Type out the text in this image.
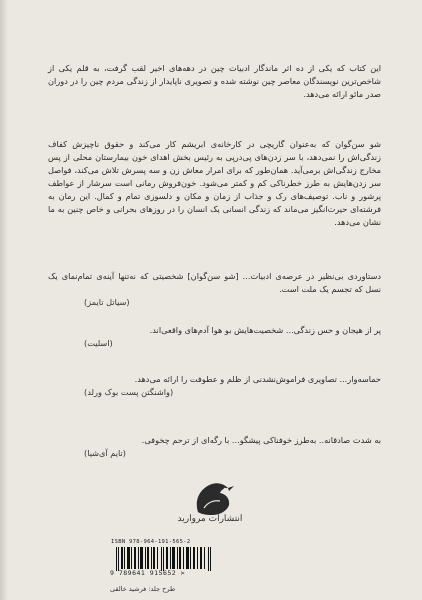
این کتاب که یکی از ده اثر ماندگار ادبیات چین در دهه‌های اخیر لقب گرفت، به قلم یکی از شاخص‌ترین نویسندگان معاصر چین نوشته شده و تصویری ناپایدار از زندگی مردم چین را در دوران صدر مائو ارائه می‌دهد.
شو سن‌گوان که به‌عنوان گاریچی در کارخانه‌ی ابریشم کار می‌کند و حقوق ناچیزش کفاف زندگی‌اش را نمی‌دهد، با سر زدن‌های پی‌درپی به رئیس بخش اهدای خون بیمارستان محلی از پس مخارج زندگی‌اش برمی‌آید. همان‌طور که برای امرار معاش زن و سه پسرش تلاش می‌کند، فواصل سر زدن‌هایش به طرز خطرناکی کم و کمتر می‌شود. خون‌فروش رمانی است سرشار از عواطف پرشور و ناب. توصیف‌های رک و جذاب از زمان و مکان و دلسوزی تمام و کمال. این رمان به فرشته‌ای حیرت‌انگیز می‌ماند که زندگی انسانی یک انسان را در روزهای بحرانی و خاص چنین به ما نشان می‌دهد.
دستاوردی بی‌نظیر در عرصه‌ی ادبیات... [شو سن‌گوان] شخصیتی که نه‌تنها آینه‌ی تمام‌نمای یک نسل که تجسم یک ملت است.
(سیاتل تایمز)
پر از هیجان و حس زندگی... شخصیت‌هایش بو هوا آدم‌های واقعی‌اند.
(اسلیت)
حماسه‌وار... تصاویری فراموش‌نشدنی از ظلم و عطوفت را ارائه می‌دهد.
(واشنگتن پست بوک ورلد)
به شدت صادقانه.. به‌طرز خوفناکی پیشگو... با رگه‌ای از ترحم چخوفی.
(تایم آی‌شیا)
انتشارات مروارید
ISBN 978-964-191-565-2
9 789641 915652 >
طرح جلد: فرشید خالقی
